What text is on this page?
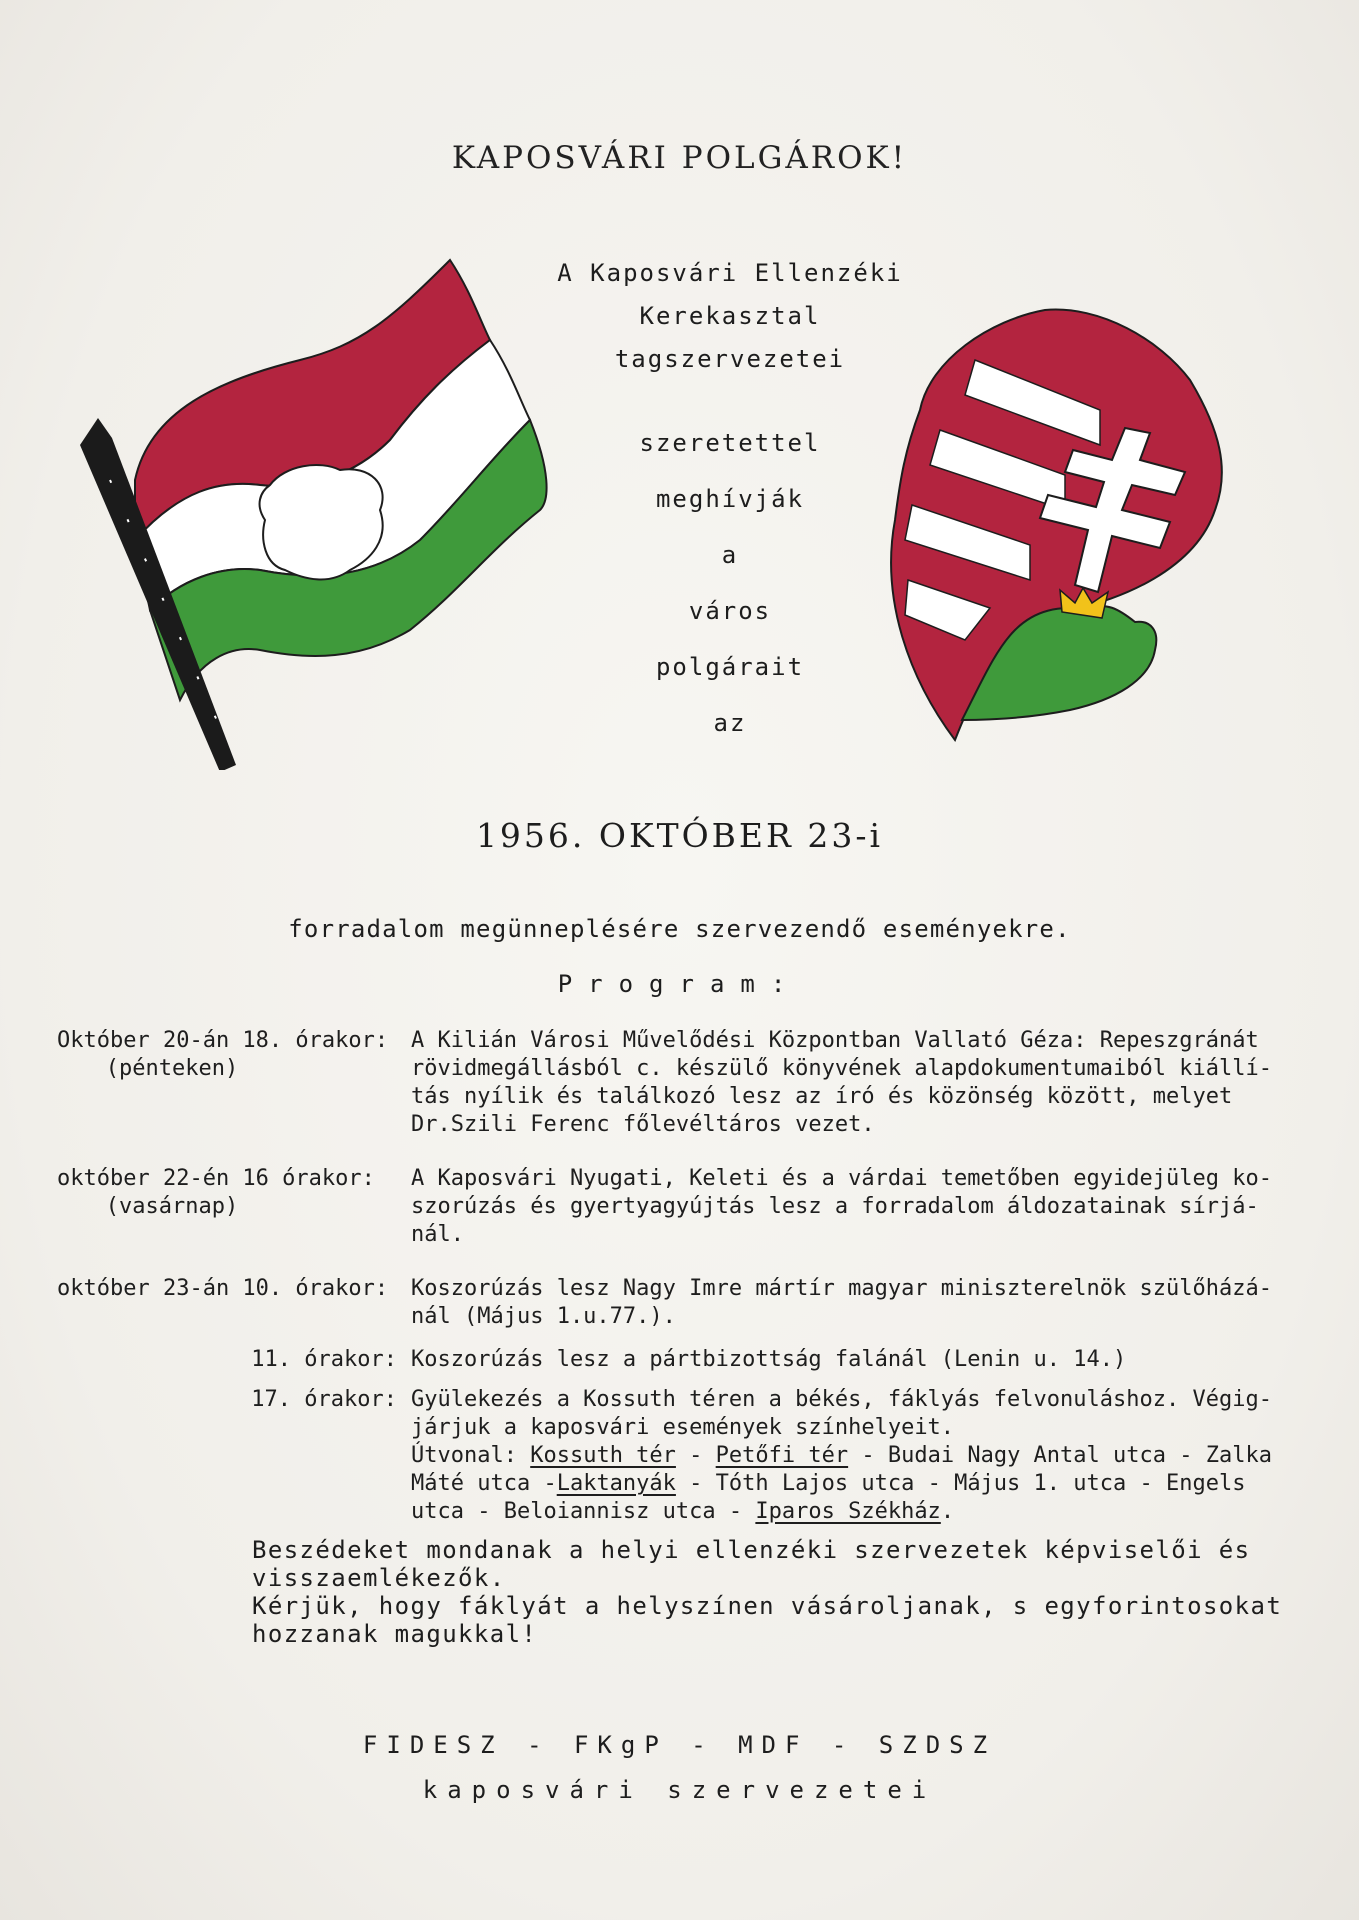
KAPOSVÁRI POLGÁROK!
A Kaposvári Ellenzéki
Kerekasztal
tagszervezetei
szeretettel
meghívják
a
város
polgárait
az
1956. OKTÓBER 23-i
forradalom megünneplésére szervezendő eseményekre.
Program:
Október 20-án 18. órakor:
(pénteken)
A Kilián Városi Művelődési Központban Vallató Géza: Repeszgránát
rövidmegállásból c. készülő könyvének alapdokumentumaiból kiállí-
tás nyílik és találkozó lesz az író és közönség között, melyet
Dr.Szili Ferenc főlevéltáros vezet.
október 22-én 16 órakor:
(vasárnap)
A Kaposvári Nyugati, Keleti és a várdai temetőben egyidejüleg ko-
szorúzás és gyertyagyújtás lesz a forradalom áldozatainak sírjá-
nál.
október 23-án 10. órakor:	Koszorúzás lesz Nagy Imre mártír magyar miniszterelnök szülőházá-
nál (Május 1.u.77.).
11. órakor: Koszorúzás lesz a pártbizottság falánál (Lenin u. 14.)
17. órakor: Gyülekezés a Kossuth téren a békés, fáklyás felvonuláshoz. Végig-
járjuk a kaposvári események színhelyeit.
Útvonal: Kossuth tér - Petőfi tér - Budai Nagy Antal utca - Zalka
Máté utca -Laktanyák - Tóth Lajos utca - Május 1. utca - Engels
utca - Beloiannisz utca - Iparos Székház.
Beszédeket mondanak a helyi ellenzéki szervezetek képviselői és
visszaemlékezők.
Kérjük, hogy fáklyát a helyszínen vásároljanak, s egyforintosokat
hozzanak magukkal!
FIDESZ - FKgP - MDF - SZDSZ
kaposvári szervezetei
